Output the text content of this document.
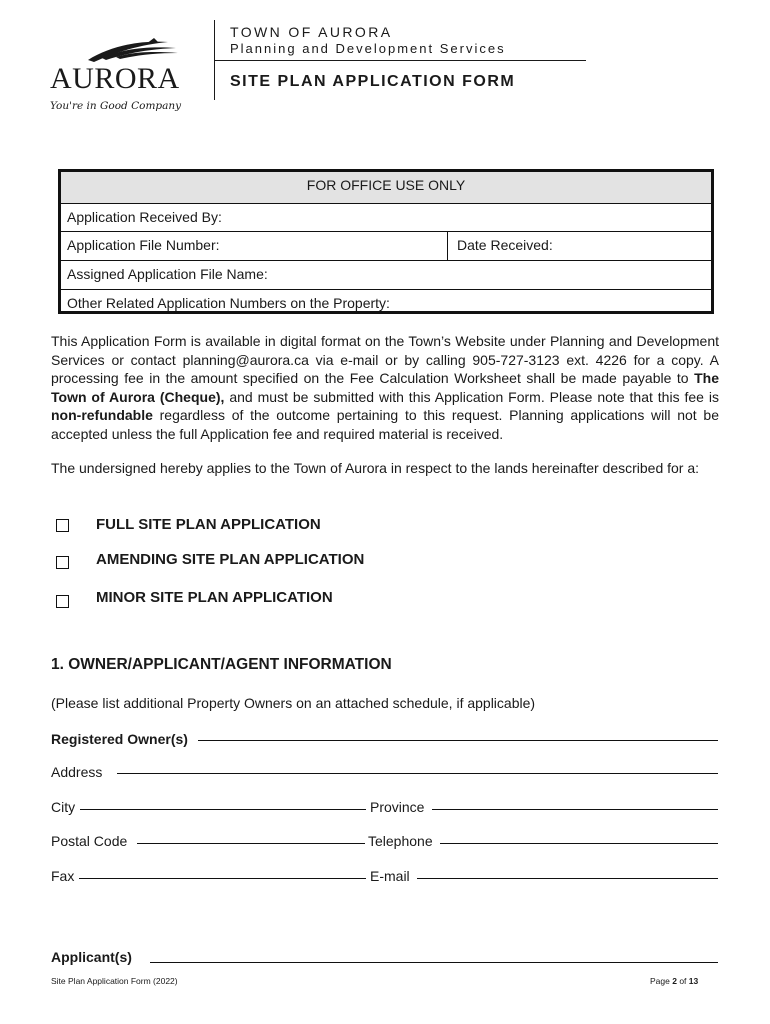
AURORA
You're in Good Company
TOWN OF AURORA
Planning and Development Services
SITE PLAN APPLICATION FORM
FOR OFFICE USE ONLY
Application Received By:
Application File Number:	Date Received:
Assigned Application File Name:
Other Related Application Numbers on the Property:
This Application Form is available in digital format on the Town’s Website under Planning and Development Services or contact planning@aurora.ca via e-mail or by calling 905-727-3123 ext. 4226 for a copy. A processing fee in the amount specified on the Fee Calculation Worksheet shall be made payable to The Town of Aurora (Cheque), and must be submitted with this Application Form. Please note that this fee is non-refundable regardless of the outcome pertaining to this request. Planning applications will not be accepted unless the full Application fee and required material is received.
The undersigned hereby applies to the Town of Aurora in respect to the lands hereinafter described for a:
FULL SITE PLAN APPLICATION
AMENDING SITE PLAN APPLICATION
MINOR SITE PLAN APPLICATION
1. OWNER/APPLICANT/AGENT INFORMATION
(Please list additional Property Owners on an attached schedule, if applicable)
Registered Owner(s)
Address
City	Province
Postal Code	Telephone
Fax	E-mail
Applicant(s)
Site Plan Application Form (2022)	Page 2 of 13
